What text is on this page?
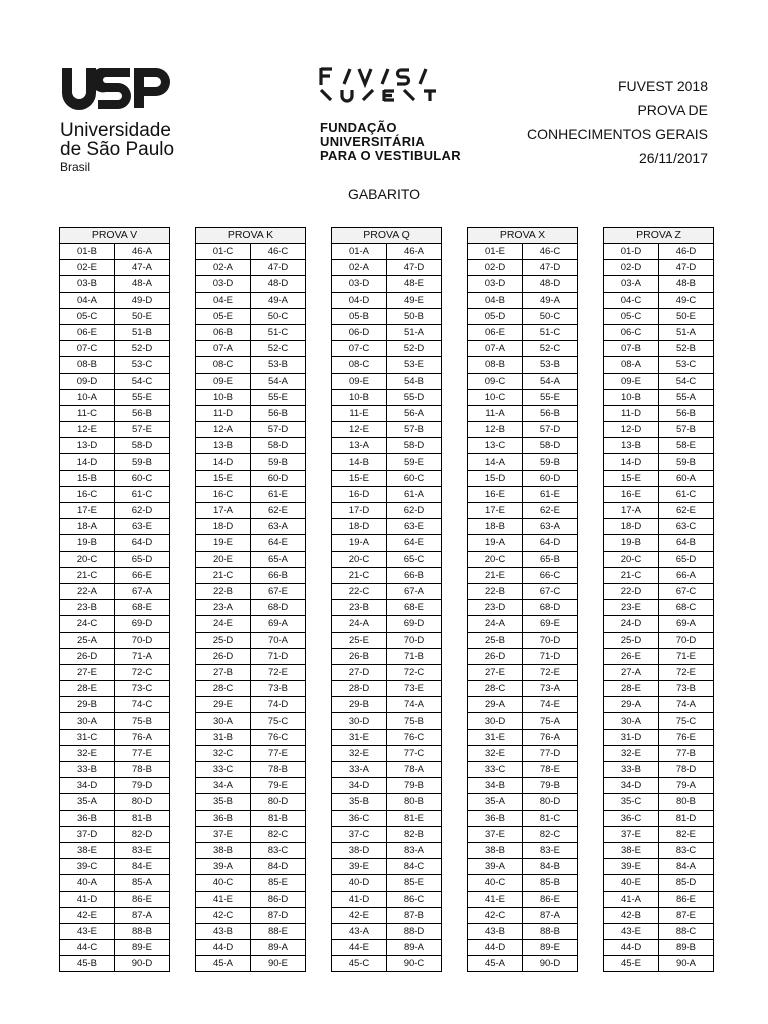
Universidade
de São Paulo
Brasil
FUNDAÇÃO
UNIVERSITÁRIA
PARA O VESTIBULAR
FUVEST 2018
PROVA DE
CONHECIMENTOS GERAIS
26/11/2017
GABARITO
PROVA V
01-B	46-A
02-E	47-A
03-B	48-A
04-A	49-D
05-C	50-E
06-E	51-B
07-C	52-D
08-B	53-C
09-D	54-C
10-A	55-E
11-C	56-B
12-E	57-E
13-D	58-D
14-D	59-B
15-B	60-C
16-C	61-C
17-E	62-D
18-A	63-E
19-B	64-D
20-C	65-D
21-C	66-E
22-A	67-A
23-B	68-E
24-C	69-D
25-A	70-D
26-D	71-A
27-E	72-C
28-E	73-C
29-B	74-C
30-A	75-B
31-C	76-A
32-E	77-E
33-B	78-B
34-D	79-D
35-A	80-D
36-B	81-B
37-D	82-D
38-E	83-E
39-C	84-E
40-A	85-A
41-D	86-E
42-E	87-A
43-E	88-B
44-C	89-E
45-B	90-D
PROVA K
01-C	46-C
02-A	47-D
03-D	48-D
04-E	49-A
05-E	50-C
06-B	51-C
07-A	52-C
08-C	53-B
09-E	54-A
10-B	55-E
11-D	56-B
12-A	57-D
13-B	58-D
14-D	59-B
15-E	60-D
16-C	61-E
17-A	62-E
18-D	63-A
19-E	64-E
20-E	65-A
21-C	66-B
22-B	67-E
23-A	68-D
24-E	69-A
25-D	70-A
26-D	71-D
27-B	72-E
28-C	73-B
29-E	74-D
30-A	75-C
31-B	76-C
32-C	77-E
33-C	78-B
34-A	79-E
35-B	80-D
36-B	81-B
37-E	82-C
38-B	83-C
39-A	84-D
40-C	85-E
41-E	86-D
42-C	87-D
43-B	88-E
44-D	89-A
45-A	90-E
PROVA Q
01-A	46-A
02-A	47-D
03-D	48-E
04-D	49-E
05-B	50-B
06-D	51-A
07-C	52-D
08-C	53-E
09-E	54-B
10-B	55-D
11-E	56-A
12-E	57-B
13-A	58-D
14-B	59-E
15-E	60-C
16-D	61-A
17-D	62-D
18-D	63-E
19-A	64-E
20-C	65-C
21-C	66-B
22-C	67-A
23-B	68-E
24-A	69-D
25-E	70-D
26-B	71-B
27-D	72-C
28-D	73-E
29-B	74-A
30-D	75-B
31-E	76-C
32-E	77-C
33-A	78-A
34-D	79-B
35-B	80-B
36-C	81-E
37-C	82-B
38-D	83-A
39-E	84-C
40-D	85-E
41-D	86-C
42-E	87-B
43-A	88-D
44-E	89-A
45-C	90-C
PROVA X
01-E	46-C
02-D	47-D
03-D	48-D
04-B	49-A
05-D	50-C
06-E	51-C
07-A	52-C
08-B	53-B
09-C	54-A
10-C	55-E
11-A	56-B
12-B	57-D
13-C	58-D
14-A	59-B
15-D	60-D
16-E	61-E
17-E	62-E
18-B	63-A
19-A	64-D
20-C	65-B
21-E	66-C
22-B	67-C
23-D	68-D
24-A	69-E
25-B	70-D
26-D	71-D
27-E	72-E
28-C	73-A
29-A	74-E
30-D	75-A
31-E	76-A
32-E	77-D
33-C	78-E
34-B	79-B
35-A	80-D
36-B	81-C
37-E	82-C
38-B	83-E
39-A	84-B
40-C	85-B
41-E	86-E
42-C	87-A
43-B	88-B
44-D	89-E
45-A	90-D
PROVA Z
01-D	46-D
02-D	47-D
03-A	48-B
04-C	49-C
05-C	50-E
06-C	51-A
07-B	52-B
08-A	53-C
09-E	54-C
10-B	55-A
11-D	56-B
12-D	57-B
13-B	58-E
14-D	59-B
15-E	60-A
16-E	61-C
17-A	62-E
18-D	63-C
19-B	64-B
20-C	65-D
21-C	66-A
22-D	67-C
23-E	68-C
24-D	69-A
25-D	70-D
26-E	71-E
27-A	72-E
28-E	73-B
29-A	74-A
30-A	75-C
31-D	76-E
32-E	77-B
33-B	78-D
34-D	79-A
35-C	80-B
36-C	81-D
37-E	82-E
38-E	83-C
39-E	84-A
40-E	85-D
41-A	86-E
42-B	87-E
43-E	88-C
44-D	89-B
45-E	90-A
